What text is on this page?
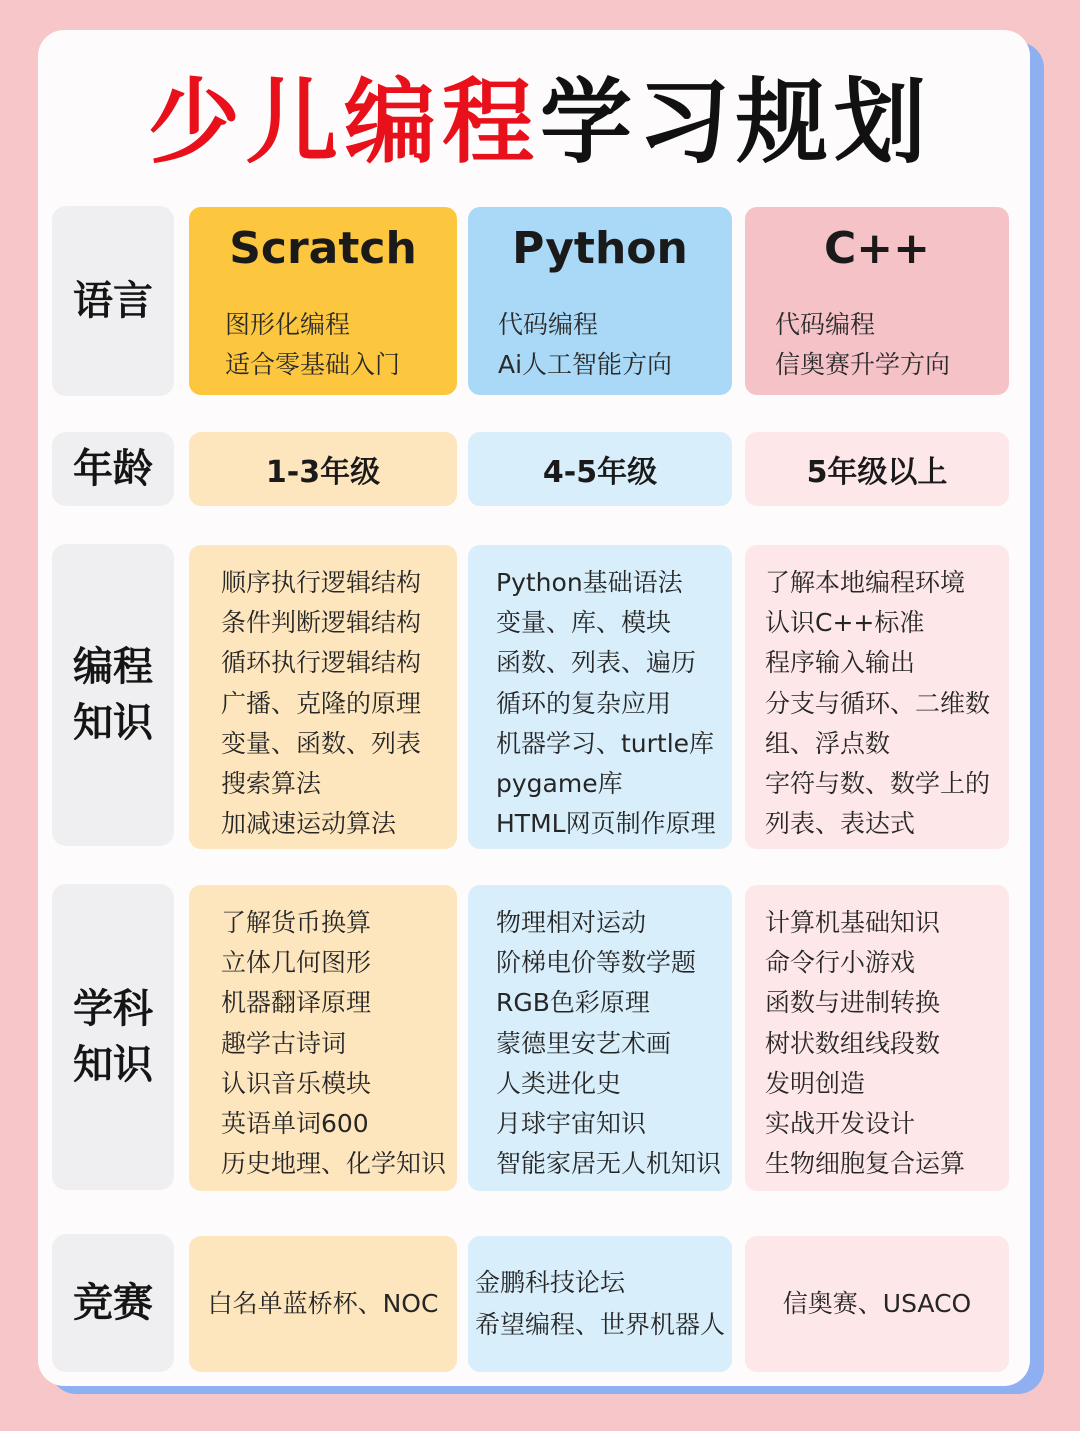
少儿编程学习规划
语言
年龄
编程知识
学科知识
竞赛
Scratch
图形化编程
适合零基础入门
Python
代码编程
Ai人工智能方向
C++
代码编程
信奥赛升学方向
1-3年级	4-5年级	5年级以上
顺序执行逻辑结构
条件判断逻辑结构
循环执行逻辑结构
广播、克隆的原理
变量、函数、列表
搜索算法
加减速运动算法
Python基础语法
变量、库、模块
函数、列表、遍历
循环的复杂应用
机器学习、turtle库
pygame库
HTML网页制作原理
了解本地编程环境
认识C++标准
程序输入输出
分支与循环、二维数
组、浮点数
字符与数、数学上的
列表、表达式
了解货币换算
立体几何图形
机器翻译原理
趣学古诗词
认识音乐模块
英语单词600
历史地理、化学知识
物理相对运动
阶梯电价等数学题
RGB色彩原理
蒙德里安艺术画
人类进化史
月球宇宙知识
智能家居无人机知识
计算机基础知识
命令行小游戏
函数与进制转换
树状数组线段数
发明创造
实战开发设计
生物细胞复合运算
白名单蓝桥杯、NOC
金鹏科技论坛
希望编程、世界机器人
信奥赛、USACO
